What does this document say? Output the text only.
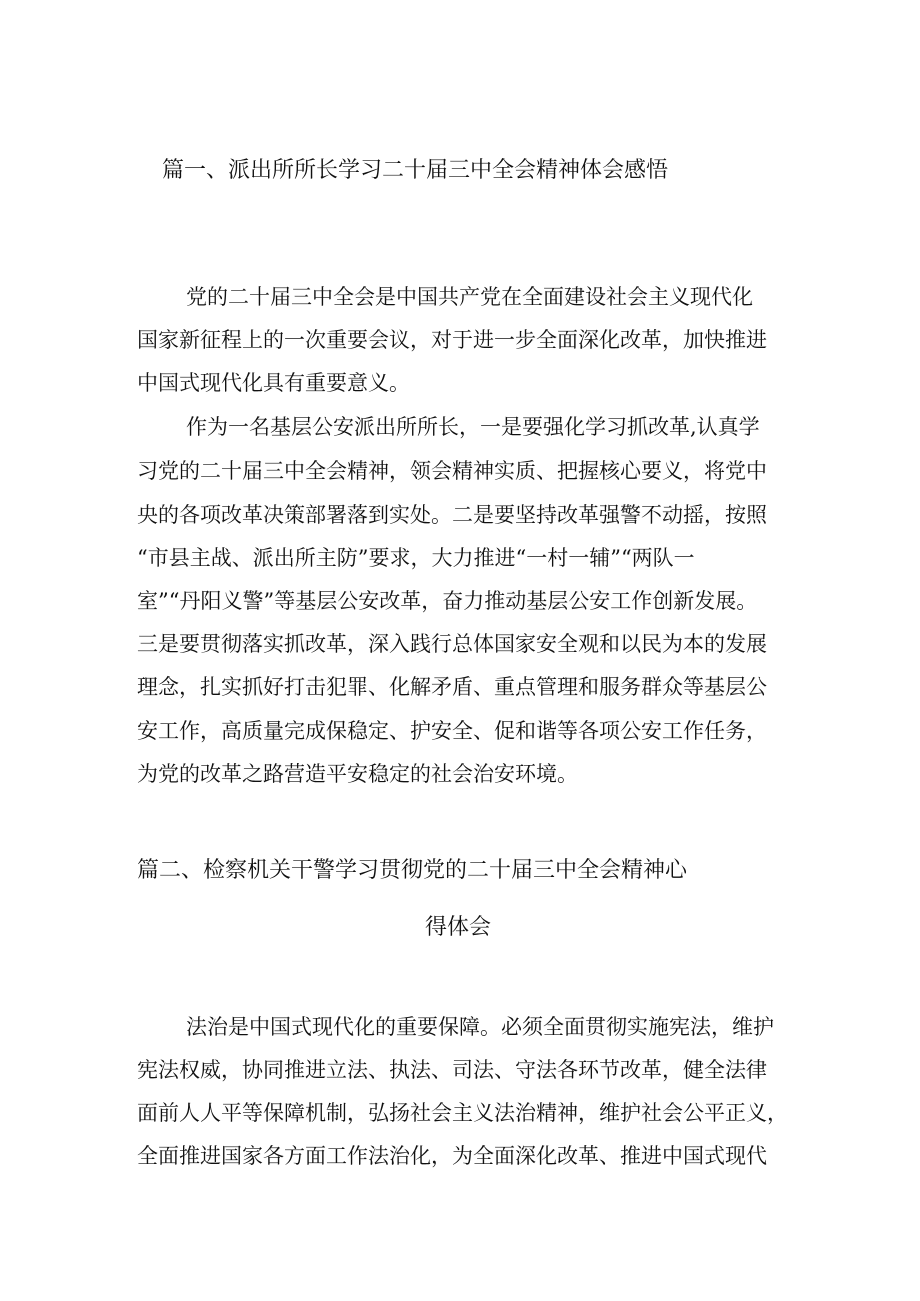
篇一、派出所所长学习二十届三中全会精神体会感悟
党的二十届三中全会是中国共产党在全面建设社会主义现代化
国家新征程上的一次重要会议，对于进一步全面深化改革，加快推进
中国式现代化具有重要意义。
作为一名基层公安派出所所长，一是要强化学习抓改革,认真学
习党的二十届三中全会精神，领会精神实质、把握核心要义，将党中
央的各项改革决策部署落到实处。二是要坚持改革强警不动摇，按照
“市县主战、派出所主防”要求，大力推进“一村一辅”“两队一
室”“丹阳义警”等基层公安改革，奋力推动基层公安工作创新发展。
三是要贯彻落实抓改革，深入践行总体国家安全观和以民为本的发展
理念，扎实抓好打击犯罪、化解矛盾、重点管理和服务群众等基层公
安工作，高质量完成保稳定、护安全、促和谐等各项公安工作任务，
为党的改革之路营造平安稳定的社会治安环境。
篇二、检察机关干警学习贯彻党的二十届三中全会精神心
得体会
法治是中国式现代化的重要保障。必须全面贯彻实施宪法，维护
宪法权威，协同推进立法、执法、司法、守法各环节改革，健全法律
面前人人平等保障机制，弘扬社会主义法治精神，维护社会公平正义，
全面推进国家各方面工作法治化，为全面深化改革、推进中国式现代
